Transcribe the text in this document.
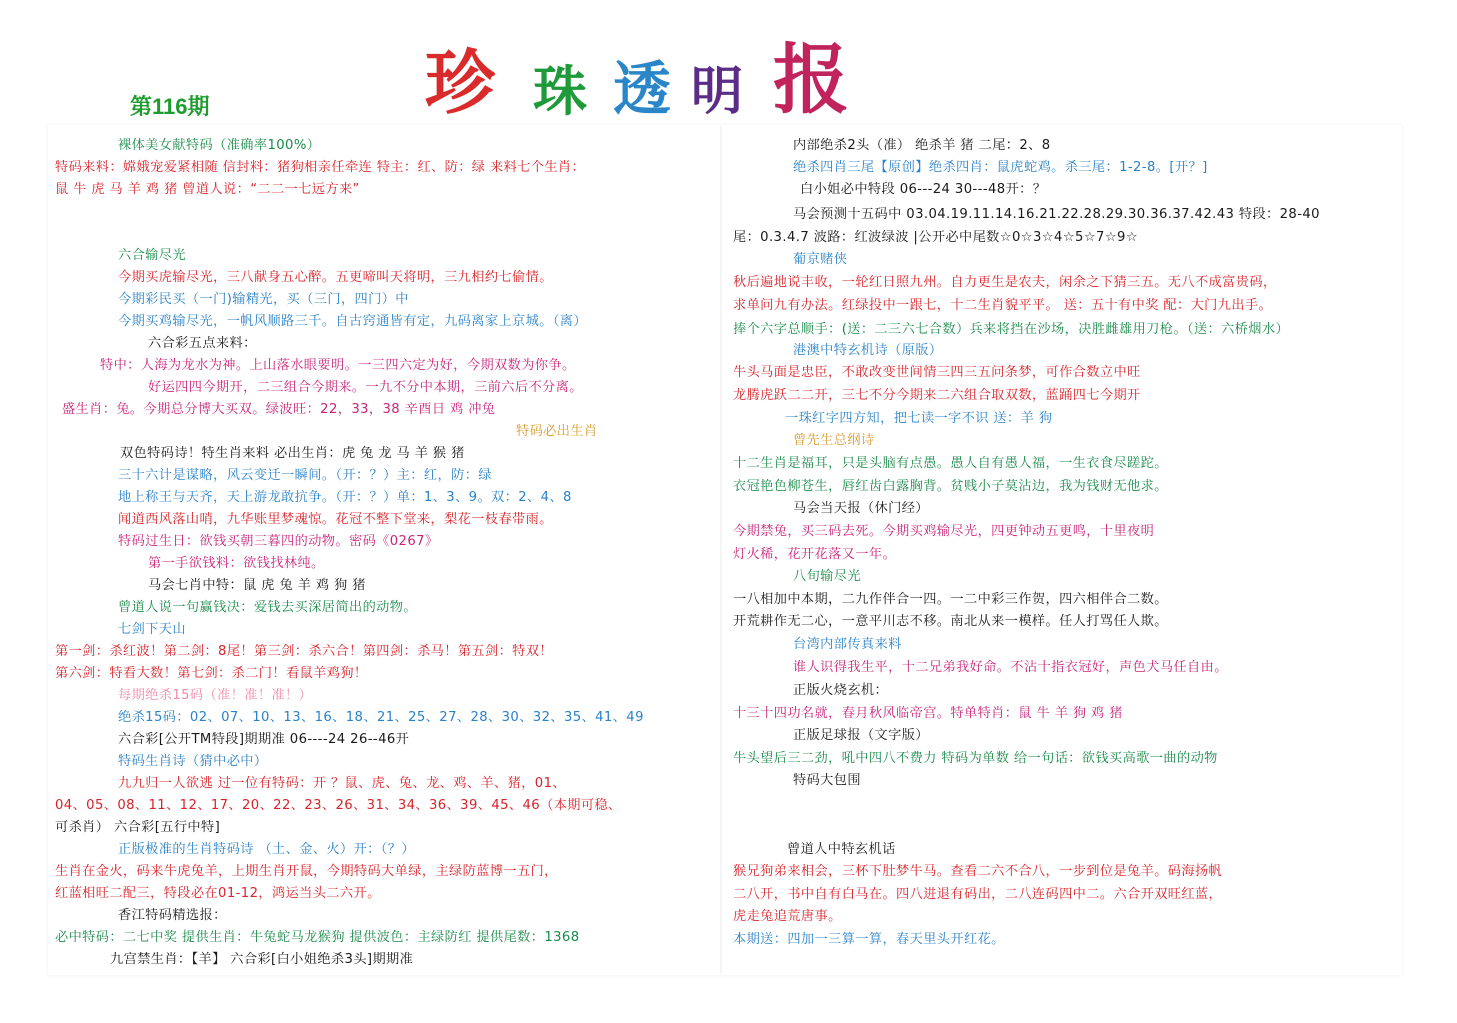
珍 珠 透 明 报
第116期
裸体美女献特码（准确率100%）
特码来料：嫦娥宠爱紧相随 信封料：猪狗相亲任牵连 特主：红、防：绿 来料七个生肖：
鼠 牛 虎 马 羊 鸡 猪 曾道人说：“二二一七远方来”
六合输尽光
今期买虎输尽光，三八献身五心醉。五更啼叫天将明，三九相约七偷情。
今期彩民买（一门)输精光，买（三门，四门）中
今期买鸡输尽光，一帆风顺路三千。自古窍通皆有定，九码离家上京城。（离）
六合彩五点来料：
特中：人海为龙水为神。上山落水眼要明。一三四六定为好，今期双数为你争。
好运四四今期开，二三组合今期来。一九不分中本期，三前六后不分离。
盛生肖：兔。今期总分博大买双。绿波旺：22，33，38 辛酉日 鸡 冲兔
特码必出生肖
双色特码诗！特生肖来料 必出生肖：虎 兔 龙 马 羊 猴 猪
三十六计是谋略，风云变迁一瞬间。（开：？）主：红，防：绿
地上称王与天齐，天上游龙敢抗争。（开：？）单：1、3、9。双：2、4、8
闻道西风落山哨，九华账里梦魂惊。花冠不整下堂来，梨花一枝春带雨。
特码过生日：欲钱买朝三暮四的动物。密码《0267》
第一手欲钱料：欲钱找林纯。
马会七肖中特：鼠 虎 兔 羊 鸡 狗 猪
曾道人说一句赢钱决：爱钱去买深居简出的动物。
七剑下天山
第一剑：杀红波！第二剑：8尾！第三剑：杀六合！第四剑：杀马！第五剑：特双！
第六剑：特看大数！第七剑：杀二门！看鼠羊鸡狗！
每期绝杀15码（准！准！准！）
绝杀15码：02、07、10、13、16、18、21、25、27、28、30、32、35、41、49
六合彩[公开TM特段]期期准 06----24 26--46开
特码生肖诗（猜中必中）
九九归一人欲逃 过一位有特码：开 ？鼠、虎、兔、龙、鸡、羊、猪，01、
04、05、08、11、12、17、20、22、23、26、31、34、36、39、45、46（本期可稳、
可杀肖） 六合彩[五行中特]
正版极准的生肖特码诗 （土、金、火）开：（？）
生肖在金火，码来牛虎兔羊，上期生肖开鼠，今期特码大单绿，主绿防蓝博一五门，
红蓝相旺二配三，特段必在01-12，鸿运当头二六开。
香江特码精选报：
必中特码：二七中奖 提供生肖：牛兔蛇马龙猴狗 提供波色：主绿防红 提供尾数：1368
九宫禁生肖：【羊】 六合彩[白小姐绝杀3头]期期准
内部绝杀2头（准） 绝杀羊 猪 二尾：2、8
绝杀四肖三尾【原创】绝杀四肖：鼠虎蛇鸡。杀三尾：1-2-8。[开？]
白小姐必中特段 06---24 30---48开：？
马会预测十五码中 03.04.19.11.14.16.21.22.28.29.30.36.37.42.43 特段：28-40
尾：0.3.4.7 波路：红波绿波 |公开必中尾数☆0☆3☆4☆5☆7☆9☆
葡京赌侠
秋后遍地说丰收，一轮红日照九州。自力更生是农夫，闲余之下猜三五。无八不成富贵码，
求单问九有办法。红绿投中一跟七，十二生肖貌平平。 送：五十有中奖 配：大门九出手。
捧个六字总顺手：(送：二三六七合数）兵来将挡在沙场，决胜雌雄用刀枪。（送：六桥烟水）
港澳中特玄机诗（原版）
牛头马面是忠臣，不敢改变世间情三四三五问条梦，可作合数立中旺
龙腾虎跃二二开，三七不分今期来二六组合取双数，蓝踊四七今期开
一珠红字四方知，把七读一字不识 送：羊 狗
曾先生总纲诗
十二生肖是福耳，只是头脑有点愚。愚人自有愚人福，一生衣食尽蹉跎。
衣冠艳色柳苍生，唇红齿白露胸背。贫贱小子莫沾边，我为钱财无他求。
马会当天报（休门经）
今期禁兔，买三码去死。今期买鸡输尽光，四更钟动五更鸣，十里夜明
灯火稀，花开花落又一年。
八旬输尽光
一八相加中本期，二九作伴合一四。一二中彩三作贺，四六相伴合二数。
开荒耕作无二心，一意平川志不移。南北从来一模样。任人打骂任人欺。
台湾内部传真来料
谁人识得我生平，十二兄弟我好命。不沾十指衣冠好，声色犬马任自由。
正版火烧玄机：
十三十四功名就，春月秋风临帝宫。特单特肖：鼠 牛 羊 狗 鸡 猪
正版足球报（文字版）
牛头望后三二劲，吼中四八不费力 特码为单数 给一句话：欲钱买高歌一曲的动物
特码大包围
曾道人中特玄机话
猴兄狗弟来相会，三杯下肚梦牛马。查看二六不合八，一步到位是兔羊。码海扬帆
二八开，书中自有白马在。四八进退有码出，二八连码四中二。六合开双旺红蓝，
虎走兔追荒唐事。
本期送：四加一三算一算，春天里头开红花。
